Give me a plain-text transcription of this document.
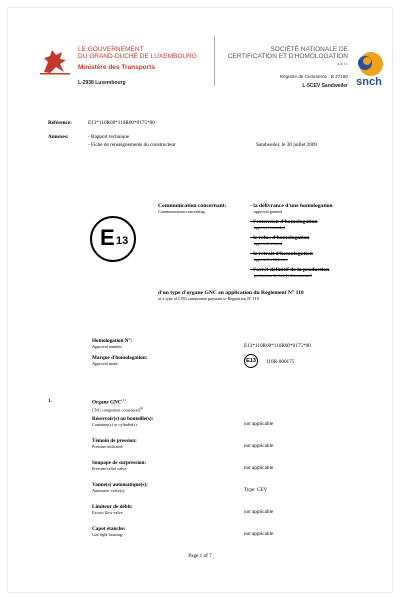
LE GOUVERNEMENT
DU GRAND-DUCHÉ DE LUXEMBOURG
Ministère des Transports
L-2938 Luxembourg
SOCIÉTÉ NATIONALE DE
CERTIFICATION ET D'HOMOLOGATION
s.à r.l.
Registre de Commerce : B 27180
L-5CEV Sandweiler snch
Référence:	E13*110R00*110R00*0175*00
Annexes:	- Rapport technique
- Fiche de renseignements du constructeur	Sandweiler, le 30 juillet 2009
E 13
Communication concernant:
Communication concerning:
- la délivrance d'une homologation
approval granted
- l'extension d'homologation
approval extended
- le refus d'homologation
approval refused
- le retrait d'homologation
approval withdrawn
- l'arrêt définitif de la production
production definitely discontinued
d'un type d'organe GNC en application du Règlement N° 110
of a type of CNG component pursuant to Regulation N° 110
Homologation N°:
Approval number:	E13*110R00*110R00*0175*00
Marque d'homologation:
Approval mark:	E13	110R-000175
1.	Organe GNC$^{(1)}$
CNG component considered$^{(1)}$
Réservoir(s) ou bouteille(s):
Container(s) or cylinder(s):	not applicable
Témoin de pression:
Pressure indicator:	not applicable
Soupape de surpression:
Pressure relief valve:	not applicable
Vanne(s) automatique(s):
Automatic valve(s):	Type: CEV
Limiteur de débit:
Excess flow valve:	not applicable
Capot étanche:
Gas-tight housing:	not applicable
Page 1 of 7
